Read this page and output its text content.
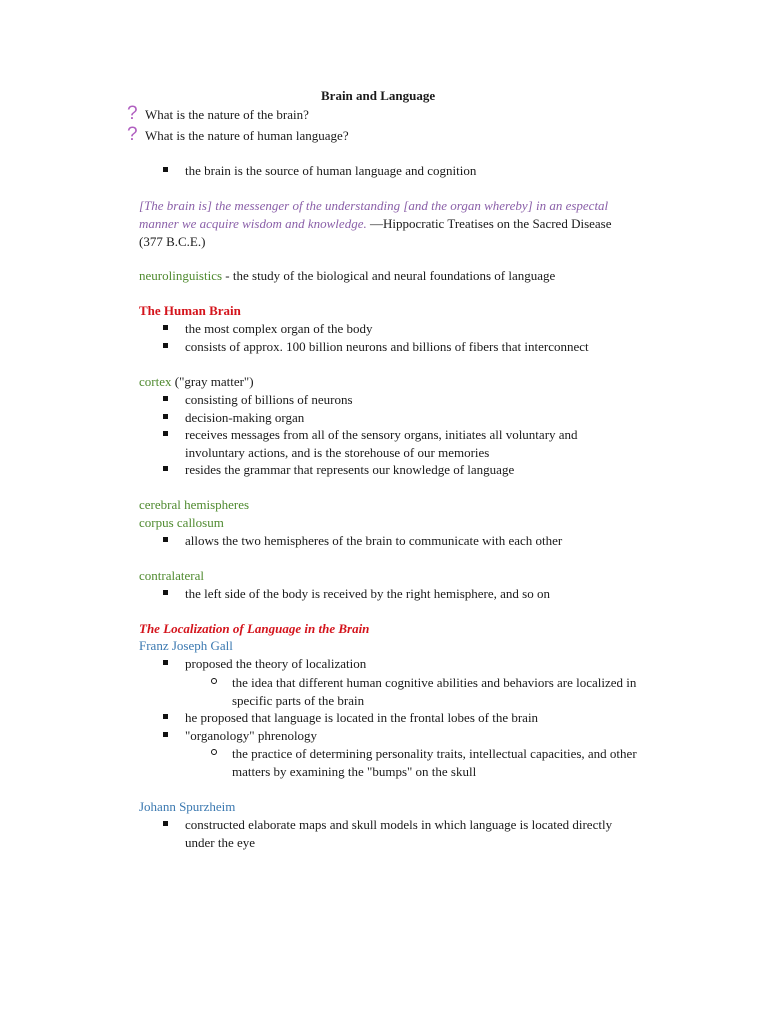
Brain and Language
? What is the nature of the brain?
? What is the nature of human language?
the brain is the source of human language and cognition
[The brain is] the messenger of the understanding [and the organ whereby] in an espectal
manner we acquire wisdom and knowledge. —Hippocratic Treatises on the Sacred Disease
(377 B.C.E.)
neurolinguistics - the study of the biological and neural foundations of language
The Human Brain
the most complex organ of the body
consists of approx. 100 billion neurons and billions of fibers that interconnect
cortex ("gray matter")
consisting of billions of neurons
decision-making organ
receives messages from all of the sensory organs, initiates all voluntary and
involuntary actions, and is the storehouse of our memories
resides the grammar that represents our knowledge of language
cerebral hemispheres
corpus callosum
allows the two hemispheres of the brain to communicate with each other
contralateral
the left side of the body is received by the right hemisphere, and so on
The Localization of Language in the Brain
Franz Joseph Gall
proposed the theory of localization
the idea that different human cognitive abilities and behaviors are localized in
specific parts of the brain
he proposed that language is located in the frontal lobes of the brain
"organology" phrenology
the practice of determining personality traits, intellectual capacities, and other
matters by examining the "bumps" on the skull
Johann Spurzheim
constructed elaborate maps and skull models in which language is located directly
under the eye
